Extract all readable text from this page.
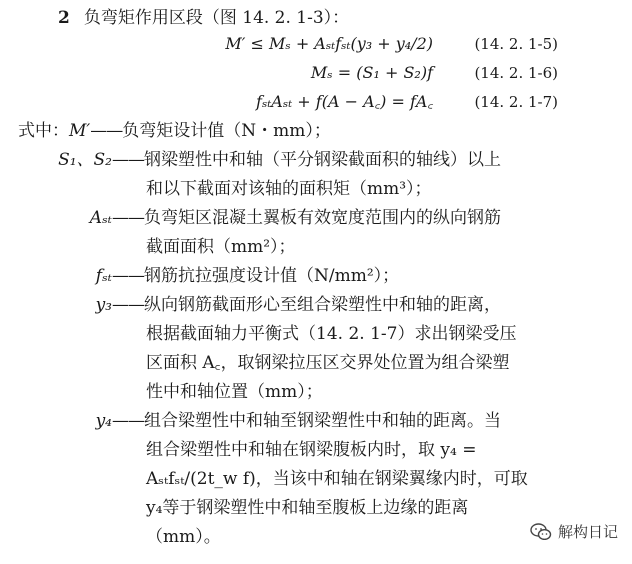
2 负弯矩作用区段（图 14. 2. 1-3）：
M′ ≤ Mₛ + Aₛₜfₛₜ(y₃ + y₄/2)	(14. 2. 1-5)
Mₛ = (S₁ + S₂)f	(14. 2. 1-6)
fₛₜAₛₜ + f(A − A꜀) = fA꜀	(14. 2. 1-7)
式中：M′——负弯矩设计值（N・mm）；
S₁、S₂——钢梁塑性中和轴（平分钢梁截面积的轴线）以上
和以下截面对该轴的面积矩（mm³）；
Aₛₜ——负弯矩区混凝土翼板有效宽度范围内的纵向钢筋
截面面积（mm²）；
fₛₜ——钢筋抗拉强度设计值（N/mm²）；
y₃——纵向钢筋截面形心至组合梁塑性中和轴的距离，
根据截面轴力平衡式（14. 2. 1-7）求出钢梁受压
区面积 A꜀，取钢梁拉压区交界处位置为组合梁塑
性中和轴位置（mm）；
y₄——组合梁塑性中和轴至钢梁塑性中和轴的距离。当
组合梁塑性中和轴在钢梁腹板内时，取 y₄ =
Aₛₜfₛₜ/(2t_w f)，当该中和轴在钢梁翼缘内时，可取
y₄等于钢梁塑性中和轴至腹板上边缘的距离
（mm）。	解构日记
